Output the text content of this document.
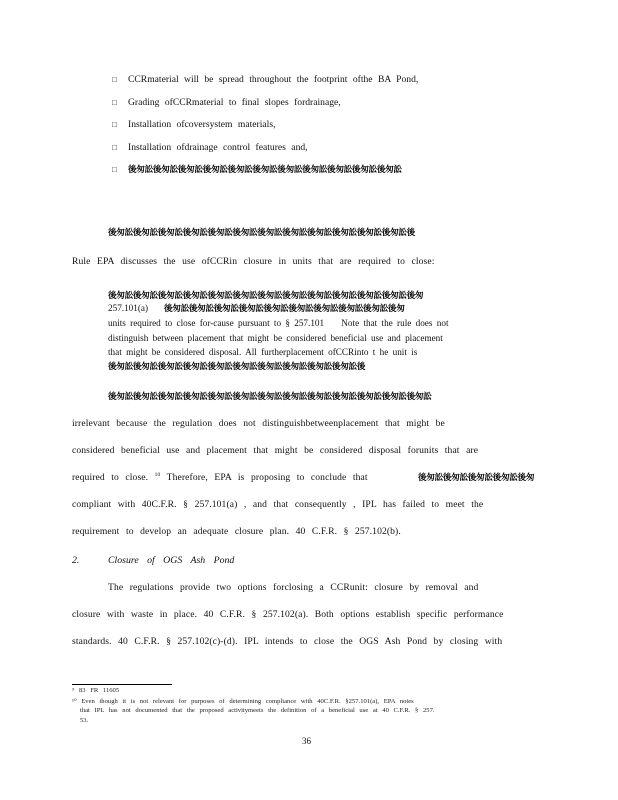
□ CCRmaterial will be spread throughout the footprint ofthe BA Pond,
□ Grading ofCCRmaterial to final slopes fordrainage,
□ Installation ofcoversystem materials,
□ Installation ofdrainage control features and,
□ 後匆訟後匆訟後匆訟後匆訟後匆訟後匆訟後匆訟後匆訟後匆訟後匆訟後匆訟
後匆訟後匆訟後匆訟後匆訟後匆訟後匆訟後匆訟後匆訟後匆訟後匆訟後匆訟後匆訟後
Rule EPA discusses the use ofCCRin closure in units that are required to close:
後匆訟後匆訟後匆訟後匆訟後匆訟後匆訟後匆訟後匆訟後匆訟後匆訟後匆訟後匆訟後匆
257.101(a) 後匆訟後匆訟後匆訟後匆訟後匆訟後匆訟後匆訟後匆訟後匆訟後匆
units required to close for-cause pursuant to § 257.101    Note that the rule does not
distinguish between placement that might be considered beneficial use and placement
that might be considered disposal. All furtherplacement ofCCRinto t he unit is
後匆訟後匆訟後匆訟後匆訟後匆訟後匆訟後匆訟後匆訟後匆訟後匆訟後
後匆訟後匆訟後匆訟後匆訟後匆訟後匆訟後匆訟後匆訟後匆訟後匆訟後匆訟後匆訟後匆訟
irrelevant because the regulation does not distinguishbetweenplacement that might be
considered beneficial use and placement that might be considered disposal forunits that are
required to close. $^{10}$ Therefore, EPA is proposing to conclude that	後匆訟後匆訟後匆訟後匆訟後匆
compliant with 40C.F.R. § 257.101(a) , and that consequently , IPL has failed to meet the
requirement to develop an adequate closure plan. 40 C.F.R. § 257.102(b).
2.	Closure of OGS Ash Pond
The regulations provide two options forclosing a CCRunit: closure by removal and
closure with waste in place. 40 C.F.R. § 257.102(a). Both options establish specific performance
standards. 40 C.F.R. § 257.102(c)-(d). IPL intends to close the OGS Ash Pond by closing with
⁹ 83 FR 11605
¹⁰ Even though it is not relevant for purposes of determining compliance with 40C.F.R. §257.101(a), EPA notes
that IPL has not documented that the proposed activitymeets the definition of a beneficial use at 40 C.F.R. § 257.
53.
36
